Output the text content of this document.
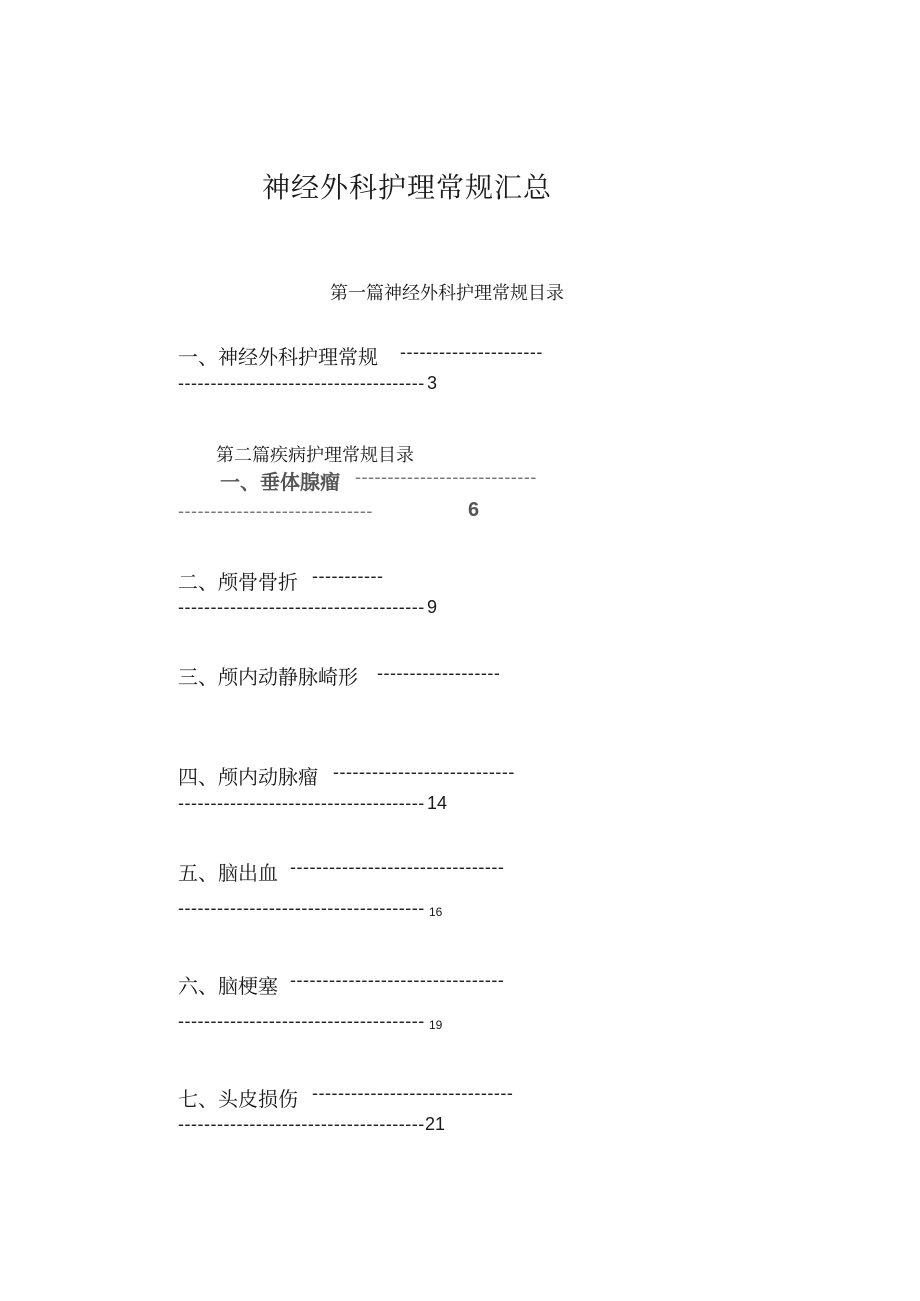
神经外科护理常规汇总
第一篇神经外科护理常规目录
一、神经外科护理常规 ----------------------
-------------------------------------- 3
第二篇疾病护理常规目录
一、垂体腺瘤 ----------------------------
------------------------------	6
二、颅骨骨折 -----------
-------------------------------------- 9
三、颅内动静脉崎形 -------------------
四、颅内动脉瘤 ----------------------------
-------------------------------------- 14
五、脑出血 ---------------------------------
-------------------------------------- 16
六、脑梗塞 ---------------------------------
-------------------------------------- 19
七、头皮损伤 -------------------------------
-------------------------------------- 21
